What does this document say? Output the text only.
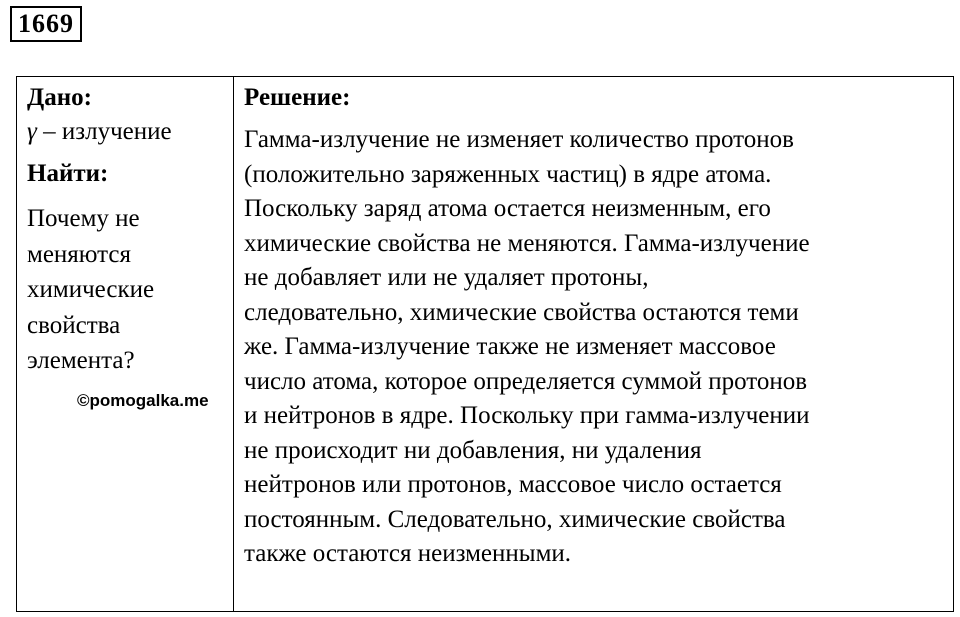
1669
Дано:
γ – излучение
Найти:
Почему не
меняются
химические
свойства
элемента?
©pomogalka.me
Решение:
Гамма-излучение не изменяет количество протонов
(положительно заряженных частиц) в ядре атома.
Поскольку заряд атома остается неизменным, его
химические свойства не меняются. Гамма-излучение
не добавляет или не удаляет протоны,
следовательно, химические свойства остаются теми
же. Гамма-излучение также не изменяет массовое
число атома, которое определяется суммой протонов
и нейтронов в ядре. Поскольку при гамма-излучении
не происходит ни добавления, ни удаления
нейтронов или протонов, массовое число остается
постоянным. Следовательно, химические свойства
также остаются неизменными.
